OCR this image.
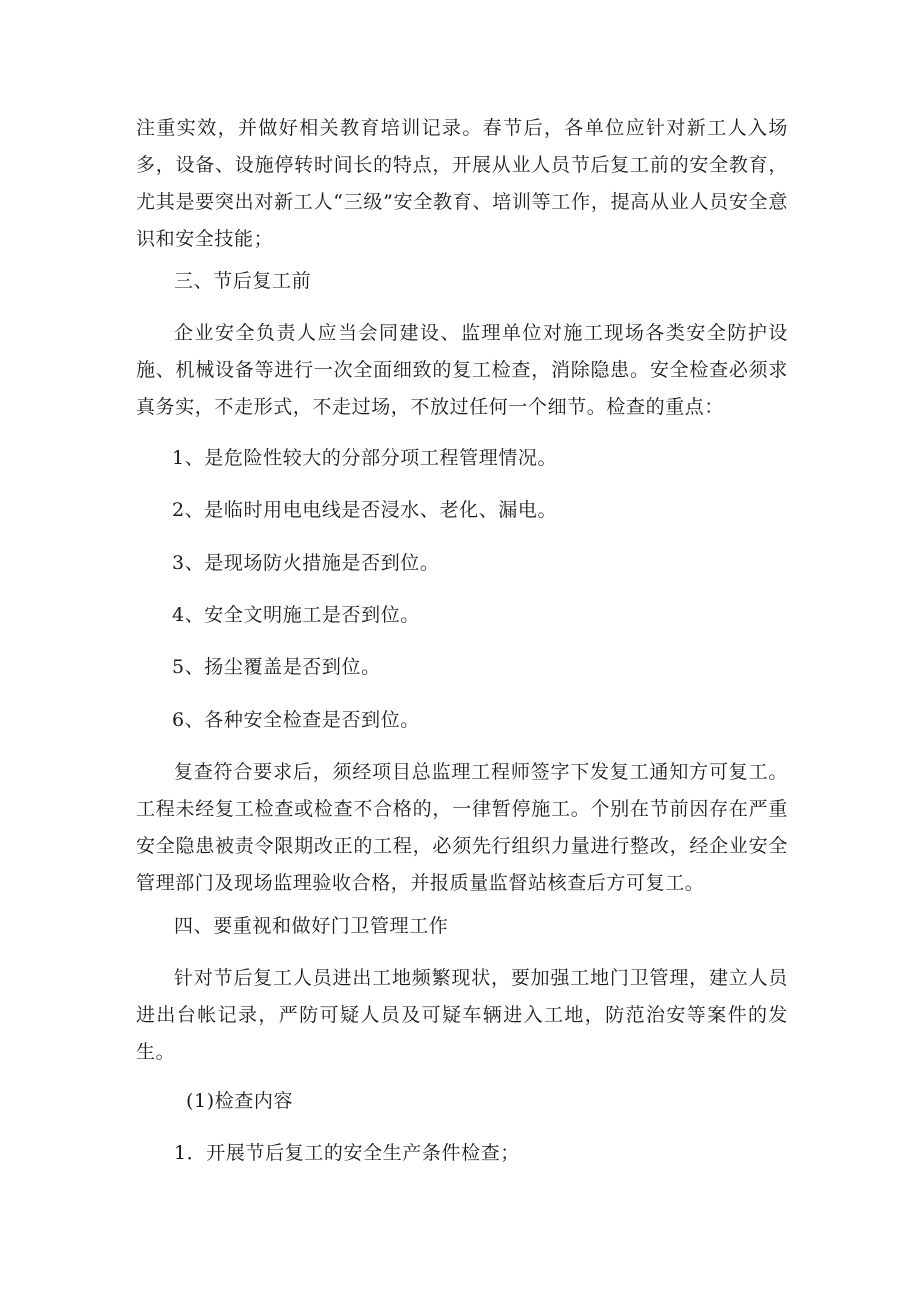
注重实效，并做好相关教育培训记录。春节后，各单位应针对新工人入场多，设备、设施停转时间长的特点，开展从业人员节后复工前的安全教育，尤其是要突出对新工人“三级”安全教育、培训等工作，提高从业人员安全意识和安全技能；

三、节后复工前

企业安全负责人应当会同建设、监理单位对施工现场各类安全防护设施、机械设备等进行一次全面细致的复工检查，消除隐患。安全检查必须求真务实，不走形式，不走过场，不放过任何一个细节。检查的重点：

1、是危险性较大的分部分项工程管理情况。

2、是临时用电电线是否浸水、老化、漏电。

3、是现场防火措施是否到位。

4、安全文明施工是否到位。

5、扬尘覆盖是否到位。

6、各种安全检查是否到位。

复查符合要求后，须经项目总监理工程师签字下发复工通知方可复工。工程未经复工检查或检查不合格的，一律暂停施工。个别在节前因存在严重安全隐患被责令限期改正的工程，必须先行组织力量进行整改，经企业安全管理部门及现场监理验收合格，并报质量监督站核查后方可复工。

四、要重视和做好门卫管理工作

针对节后复工人员进出工地频繁现状，要加强工地门卫管理，建立人员进出台帐记录，严防可疑人员及可疑车辆进入工地，防范治安等案件的发生。

(1)检查内容

1．开展节后复工的安全生产条件检查；
